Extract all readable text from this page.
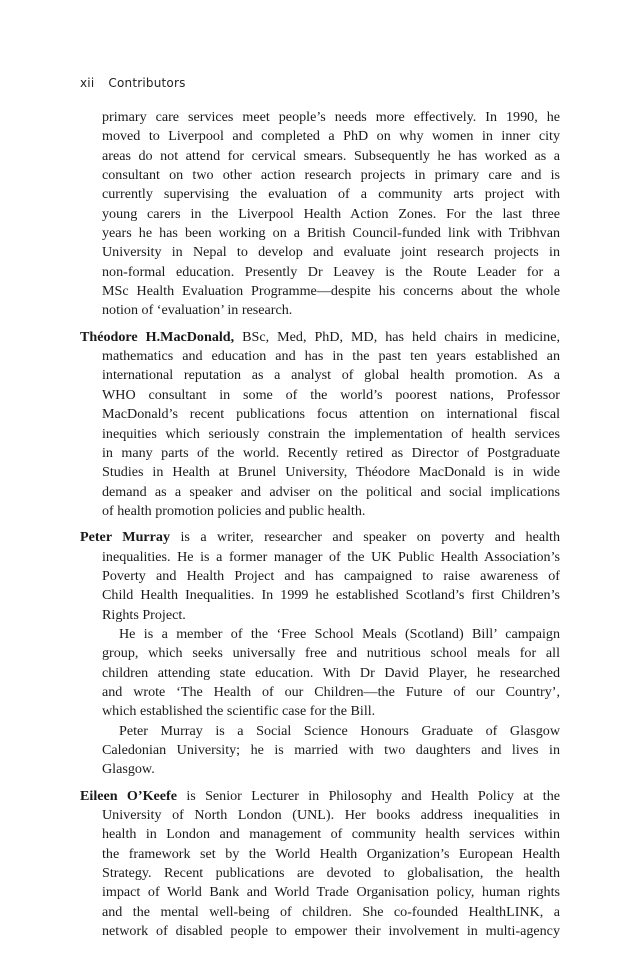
xii Contributors
primary care services meet people’s needs more effectively. In 1990, he
moved to Liverpool and completed a PhD on why women in inner city
areas do not attend for cervical smears. Subsequently he has worked as a
consultant on two other action research projects in primary care and is
currently supervising the evaluation of a community arts project with
young carers in the Liverpool Health Action Zones. For the last three
years he has been working on a British Council-funded link with Tribhvan
University in Nepal to develop and evaluate joint research projects in
non-formal education. Presently Dr Leavey is the Route Leader for a
MSc Health Evaluation Programme—despite his concerns about the whole
notion of ‘evaluation’ in research.
Théodore H.MacDonald, BSc, Med, PhD, MD, has held chairs in medicine,
mathematics and education and has in the past ten years established an
international reputation as a analyst of global health promotion. As a
WHO consultant in some of the world’s poorest nations, Professor
MacDonald’s recent publications focus attention on international fiscal
inequities which seriously constrain the implementation of health services
in many parts of the world. Recently retired as Director of Postgraduate
Studies in Health at Brunel University, Théodore MacDonald is in wide
demand as a speaker and adviser on the political and social implications
of health promotion policies and public health.
Peter Murray is a writer, researcher and speaker on poverty and health
inequalities. He is a former manager of the UK Public Health Association’s
Poverty and Health Project and has campaigned to raise awareness of
Child Health Inequalities. In 1999 he established Scotland’s first Children’s
Rights Project.
He is a member of the ‘Free School Meals (Scotland) Bill’ campaign
group, which seeks universally free and nutritious school meals for all
children attending state education. With Dr David Player, he researched
and wrote ‘The Health of our Children—the Future of our Country’,
which established the scientific case for the Bill.
Peter Murray is a Social Science Honours Graduate of Glasgow
Caledonian University; he is married with two daughters and lives in
Glasgow.
Eileen O’Keefe is Senior Lecturer in Philosophy and Health Policy at the
University of North London (UNL). Her books address inequalities in
health in London and management of community health services within
the framework set by the World Health Organization’s European Health
Strategy. Recent publications are devoted to globalisation, the health
impact of World Bank and World Trade Organisation policy, human rights
and the mental well-being of children. She co-founded HealthLINK, a
network of disabled people to empower their involvement in multi-agency
